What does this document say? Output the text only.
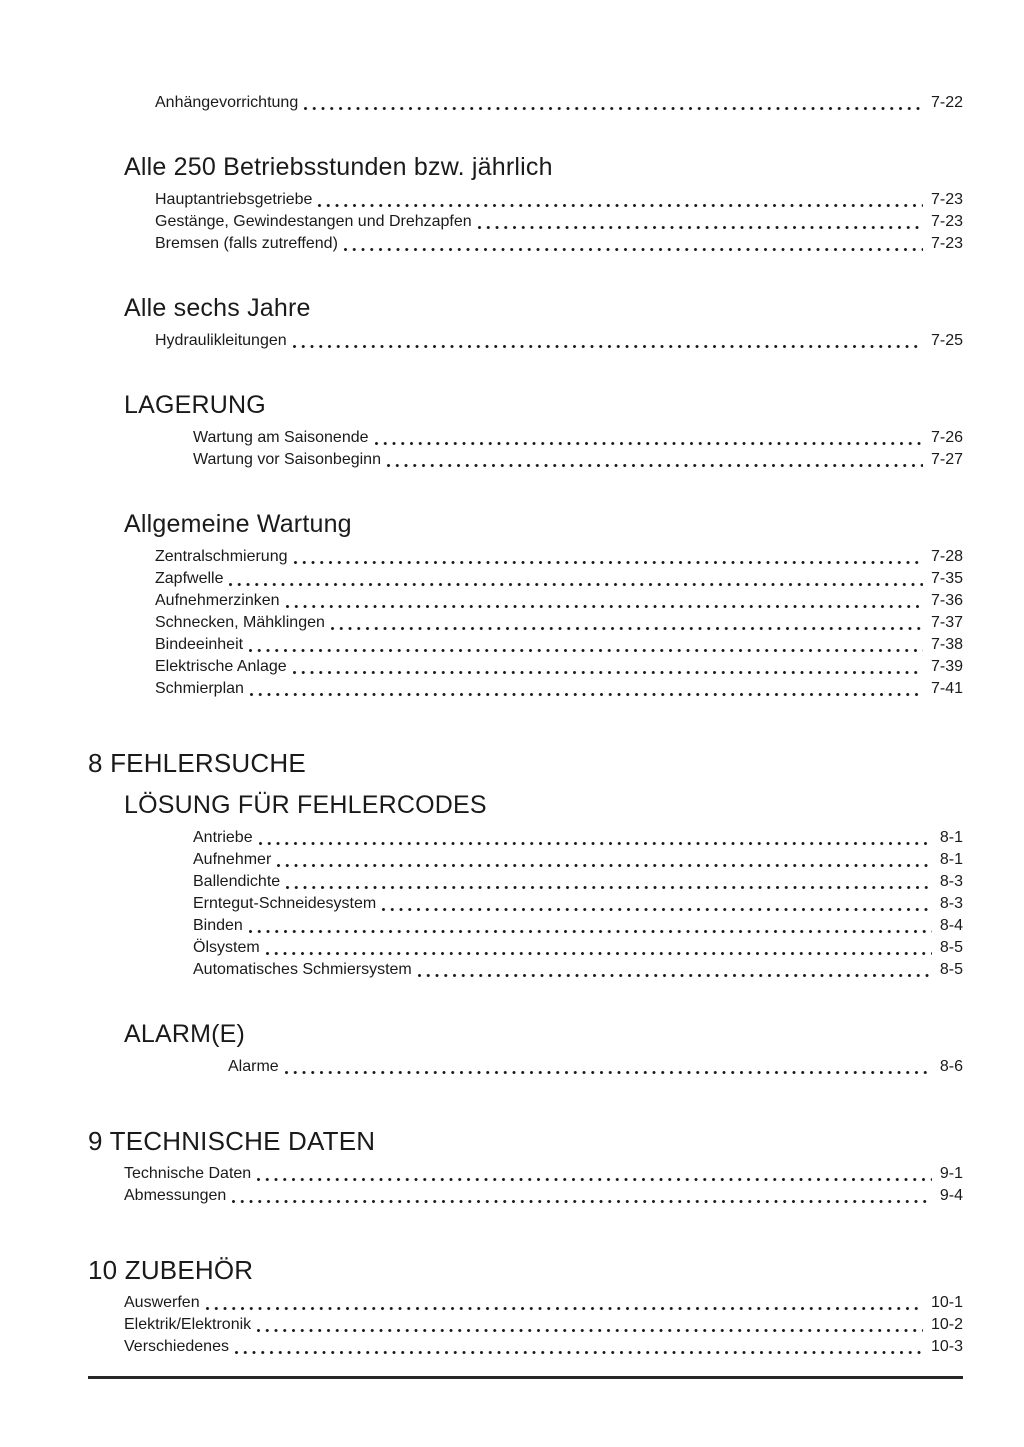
Anhängevorrichtung	7-22
Alle 250 Betriebsstunden bzw. jährlich
Hauptantriebsgetriebe	7-23
Gestänge, Gewindestangen und Drehzapfen	7-23
Bremsen (falls zutreffend)	7-23
Alle sechs Jahre
Hydraulikleitungen	7-25
LAGERUNG
Wartung am Saisonende	7-26
Wartung vor Saisonbeginn	7-27
Allgemeine Wartung
Zentralschmierung	7-28
Zapfwelle	7-35
Aufnehmerzinken	7-36
Schnecken, Mähklingen	7-37
Bindeeinheit	7-38
Elektrische Anlage	7-39
Schmierplan	7-41
8 FEHLERSUCHE
LÖSUNG FÜR FEHLERCODES
Antriebe	8-1
Aufnehmer	8-1
Ballendichte	8-3
Erntegut-Schneidesystem	8-3
Binden	8-4
Ölsystem	8-5
Automatisches Schmiersystem	8-5
ALARM(E)
Alarme	8-6
9 TECHNISCHE DATEN
Technische Daten	9-1
Abmessungen	9-4
10 ZUBEHÖR
Auswerfen	10-1
Elektrik/Elektronik	10-2
Verschiedenes	10-3
